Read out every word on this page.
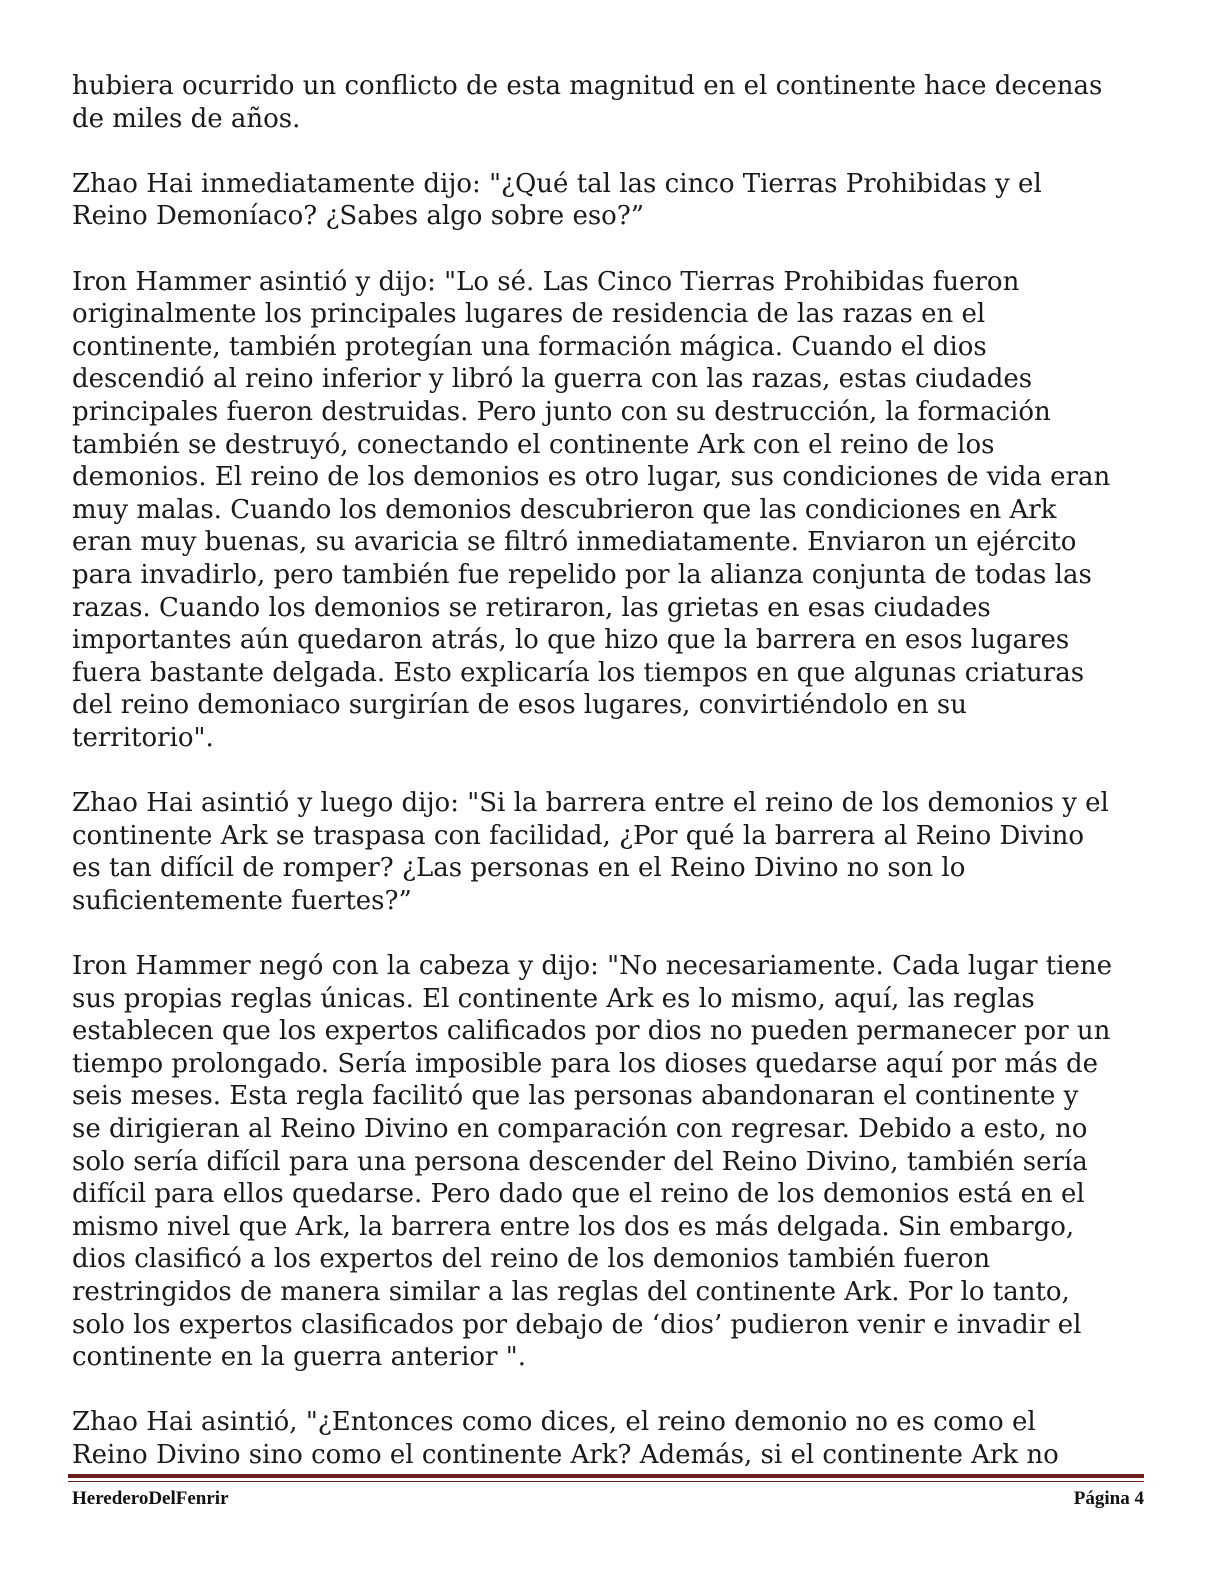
hubiera ocurrido un conflicto de esta magnitud en el continente hace decenas
de miles de años.

Zhao Hai inmediatamente dijo: "¿Qué tal las cinco Tierras Prohibidas y el
Reino Demoníaco? ¿Sabes algo sobre eso?”

Iron Hammer asintió y dijo: "Lo sé. Las Cinco Tierras Prohibidas fueron
originalmente los principales lugares de residencia de las razas en el
continente, también protegían una formación mágica. Cuando el dios
descendió al reino inferior y libró la guerra con las razas, estas ciudades
principales fueron destruidas. Pero junto con su destrucción, la formación
también se destruyó, conectando el continente Ark con el reino de los
demonios. El reino de los demonios es otro lugar, sus condiciones de vida eran
muy malas. Cuando los demonios descubrieron que las condiciones en Ark
eran muy buenas, su avaricia se filtró inmediatamente. Enviaron un ejército
para invadirlo, pero también fue repelido por la alianza conjunta de todas las
razas. Cuando los demonios se retiraron, las grietas en esas ciudades
importantes aún quedaron atrás, lo que hizo que la barrera en esos lugares
fuera bastante delgada. Esto explicaría los tiempos en que algunas criaturas
del reino demoniaco surgirían de esos lugares, convirtiéndolo en su
territorio".

Zhao Hai asintió y luego dijo: "Si la barrera entre el reino de los demonios y el
continente Ark se traspasa con facilidad, ¿Por qué la barrera al Reino Divino
es tan difícil de romper? ¿Las personas en el Reino Divino no son lo
suficientemente fuertes?”

Iron Hammer negó con la cabeza y dijo: "No necesariamente. Cada lugar tiene
sus propias reglas únicas. El continente Ark es lo mismo, aquí, las reglas
establecen que los expertos calificados por dios no pueden permanecer por un
tiempo prolongado. Sería imposible para los dioses quedarse aquí por más de
seis meses. Esta regla facilitó que las personas abandonaran el continente y
se dirigieran al Reino Divino en comparación con regresar. Debido a esto, no
solo sería difícil para una persona descender del Reino Divino, también sería
difícil para ellos quedarse. Pero dado que el reino de los demonios está en el
mismo nivel que Ark, la barrera entre los dos es más delgada. Sin embargo,
dios clasificó a los expertos del reino de los demonios también fueron
restringidos de manera similar a las reglas del continente Ark. Por lo tanto,
solo los expertos clasificados por debajo de ‘dios’ pudieron venir e invadir el
continente en la guerra anterior ".

Zhao Hai asintió, "¿Entonces como dices, el reino demonio no es como el
Reino Divino sino como el continente Ark? Además, si el continente Ark no

HerederoDelFenrir	Página 4
